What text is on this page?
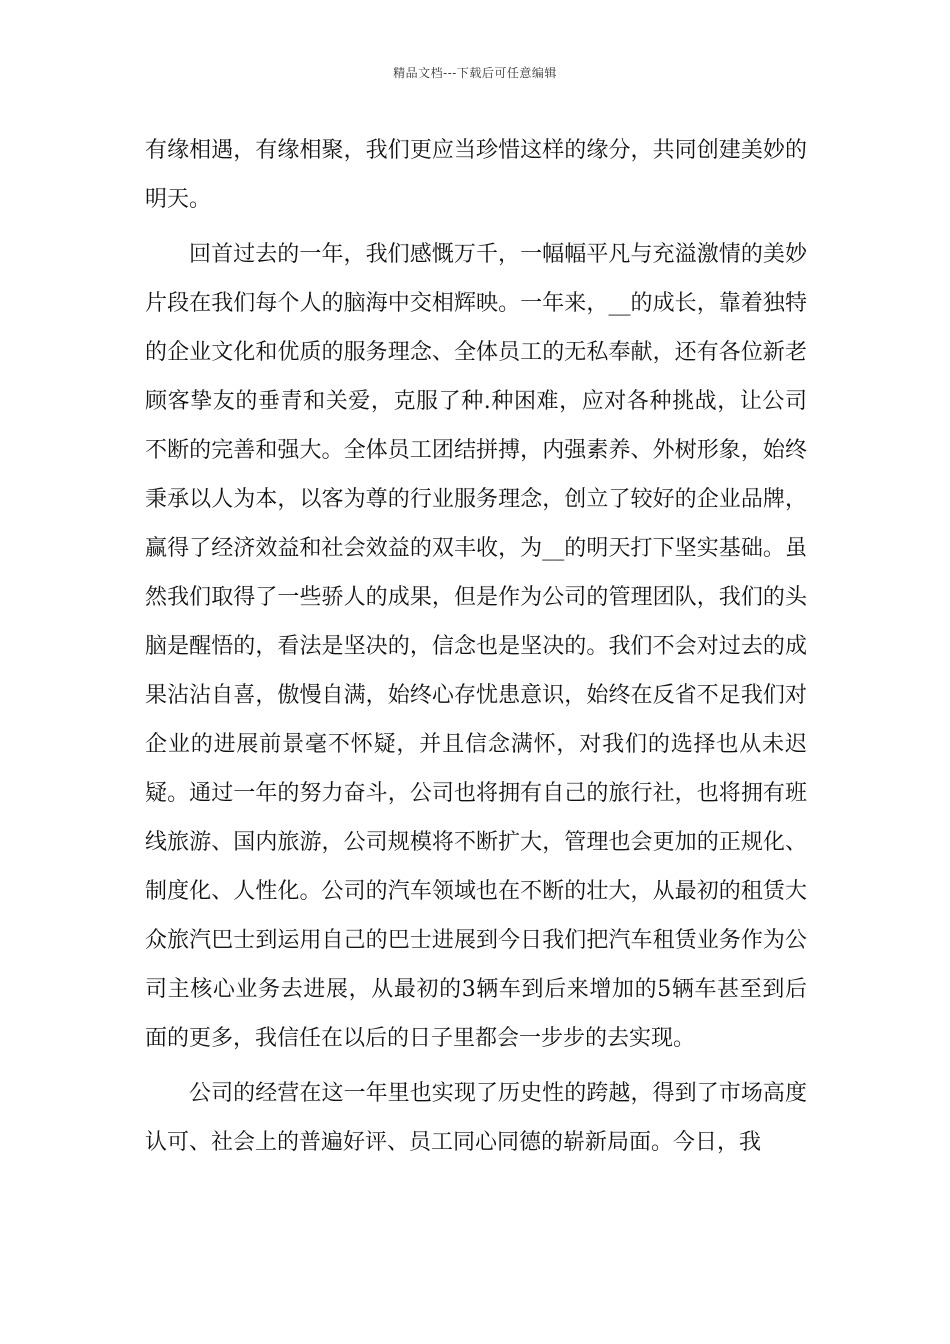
精品文档---下载后可任意编辑

有缘相遇，有缘相聚，我们更应当珍惜这样的缘分，共同创建美妙的明天。

回首过去的一年，我们感慨万千，一幅幅平凡与充溢激情的美妙片段在我们每个人的脑海中交相辉映。一年来，__的成长，靠着独特的企业文化和优质的服务理念、全体员工的无私奉献，还有各位新老顾客挚友的垂青和关爱，克服了种.种困难，应对各种挑战，让公司不断的完善和强大。全体员工团结拼搏，内强素养、外树形象，始终秉承以人为本，以客为尊的行业服务理念，创立了较好的企业品牌，赢得了经济效益和社会效益的双丰收，为__的明天打下坚实基础。虽然我们取得了一些骄人的成果，但是作为公司的管理团队，我们的头脑是醒悟的，看法是坚决的，信念也是坚决的。我们不会对过去的成果沾沾自喜，傲慢自满，始终心存忧患意识，始终在反省不足我们对企业的进展前景毫不怀疑，并且信念满怀，对我们的选择也从未迟疑。通过一年的努力奋斗，公司也将拥有自己的旅行社，也将拥有班线旅游、国内旅游，公司规模将不断扩大，管理也会更加的正规化、制度化、人性化。公司的汽车领域也在不断的壮大，从最初的租赁大众旅汽巴士到运用自己的巴士进展到今日我们把汽车租赁业务作为公司主核心业务去进展，从最初的3辆车到后来增加的5辆车甚至到后面的更多，我信任在以后的日子里都会一步步的去实现。

公司的经营在这一年里也实现了历史性的跨越，得到了市场高度认可、社会上的普遍好评、员工同心同德的崭新局面。今日，我
